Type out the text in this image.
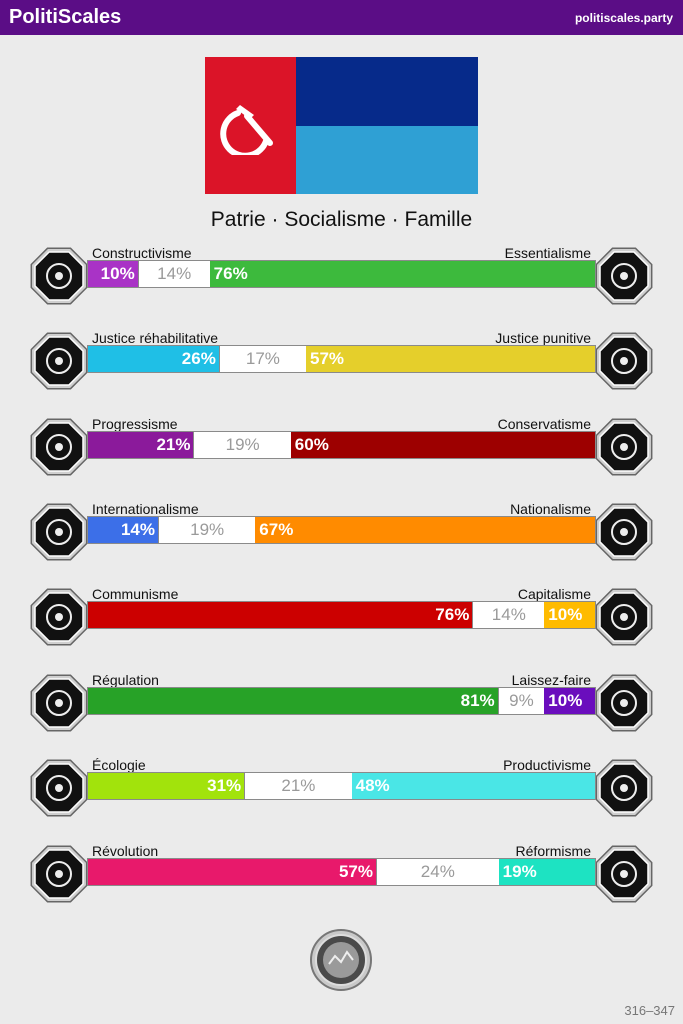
PolitiScales	politiscales.party
Patrie · Socialisme · Famille
Constructivisme	Essentialisme
10%	14%	76%
Justice réhabilitative	Justice punitive
26%	17%	57%
Progressisme	Conservatisme
21%	19%	60%
Internationalisme	Nationalisme
14%	19%	67%
Communisme	Capitalisme
76%	14%	10%
Régulation	Laissez-faire
81% 9% 10%
Écologie	Productivisme
31%	21%	48%
Révolution	Réformisme
57%	24%	19%
316–347
